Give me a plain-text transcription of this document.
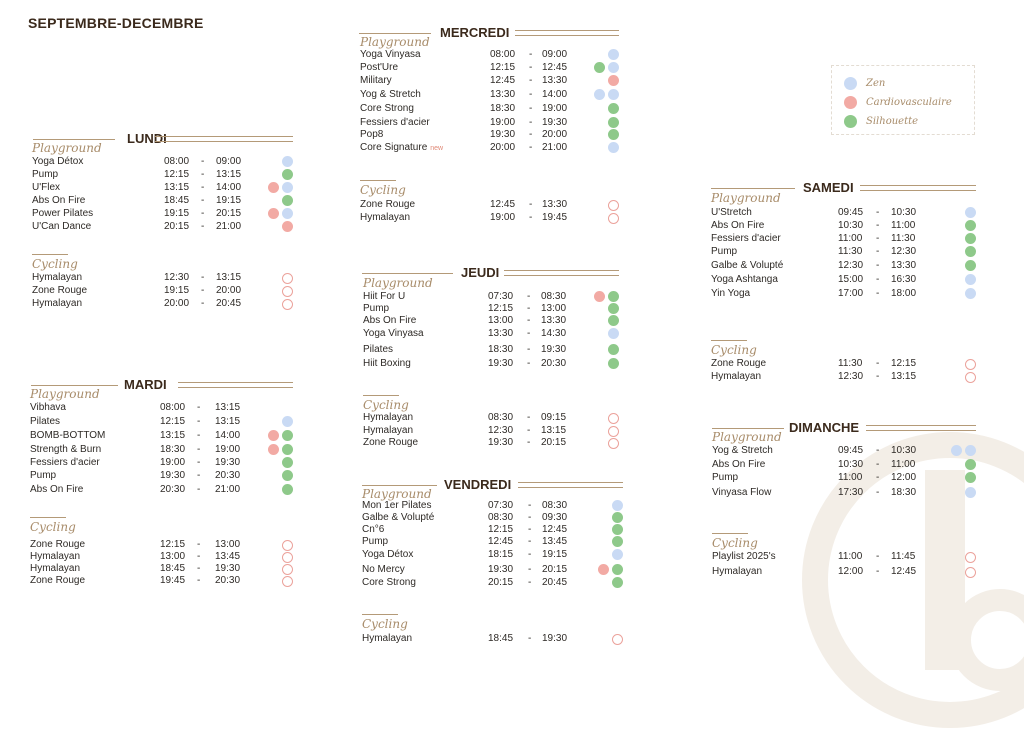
SEPTEMBRE-DECEMBRE
Zen
Cardiovasculaire
Silhouette
LUNDI
Playground
Yoga Détox	08:00 - 09:00
Pump	12:15 - 13:15
U'Flex	13:15 - 14:00
Abs On Fire	18:45 - 19:15
Power Pilates	19:15 - 20:15
U'Can Dance	20:15 - 21:00
Cycling
Hymalayan	12:30 - 13:15
Zone Rouge	19:15 - 20:00
Hymalayan	20:00 - 20:45
MARDI
Playground
Vibhava	08:00 - 13:15
Pilates	12:15 - 13:15
BOMB-BOTTOM	13:15 - 14:00
Strength & Burn	18:30 - 19:00
Fessiers d'acier	19:00 - 19:30
Pump	19:30 - 20:30
Abs On Fire	20:30 - 21:00
Cycling
Zone Rouge	12:15 - 13:00
Hymalayan	13:00 - 13:45
Hymalayan	18:45 - 19:30
Zone Rouge	19:45 - 20:30
MERCREDI
Playground
Yoga Vinyasa	08:00 - 09:00
Post'Ure	12:15 - 12:45
Military	12:45 - 13:30
Yog & Stretch	13:30 - 14:00
Core Strong	18:30 - 19:00
Fessiers d'acier	19:00 - 19:30
Pop8	19:30 - 20:00
Core Signature new	20:00 - 21:00
Cycling
Zone Rouge	12:45 - 13:30
Hymalayan	19:00 - 19:45
JEUDI
Playground
Hiit For U	07:30 - 08:30
Pump	12:15 - 13:00
Abs On Fire	13:00 - 13:30
Yoga Vinyasa	13:30 - 14:30
Pilates	18:30 - 19:30
Hiit Boxing	19:30 - 20:30
Cycling
Hymalayan	08:30 - 09:15
Hymalayan	12:30 - 13:15
Zone Rouge	19:30 - 20:15
VENDREDI
Playground
Mon 1er Pilates	07:30 - 08:30
Galbe & Volupté	08:30 - 09:30
Cn°6	12:15 - 12:45
Pump	12:45 - 13:45
Yoga Détox	18:15 - 19:15
No Mercy	19:30 - 20:15
Core Strong	20:15 - 20:45
Cycling
Hymalayan	18:45 - 19:30
SAMEDI
Playground
U'Stretch	09:45 - 10:30
Abs On Fire	10:30 - 11:00
Fessiers d'acier	11:00 - 11:30
Pump	11:30 - 12:30
Galbe & Volupté	12:30 - 13:30
Yoga Ashtanga	15:00 - 16:30
Yin Yoga	17:00 - 18:00
Cycling
Zone Rouge	11:30 - 12:15
Hymalayan	12:30 - 13:15
DIMANCHE
Playground
Yog & Stretch	09:45 - 10:30
Abs On Fire	10:30 - 11:00
Pump	11:00 - 12:00
Vinyasa Flow	17:30 - 18:30
Cycling
Playlist 2025's	11:00 - 11:45
Hymalayan	12:00 - 12:45
